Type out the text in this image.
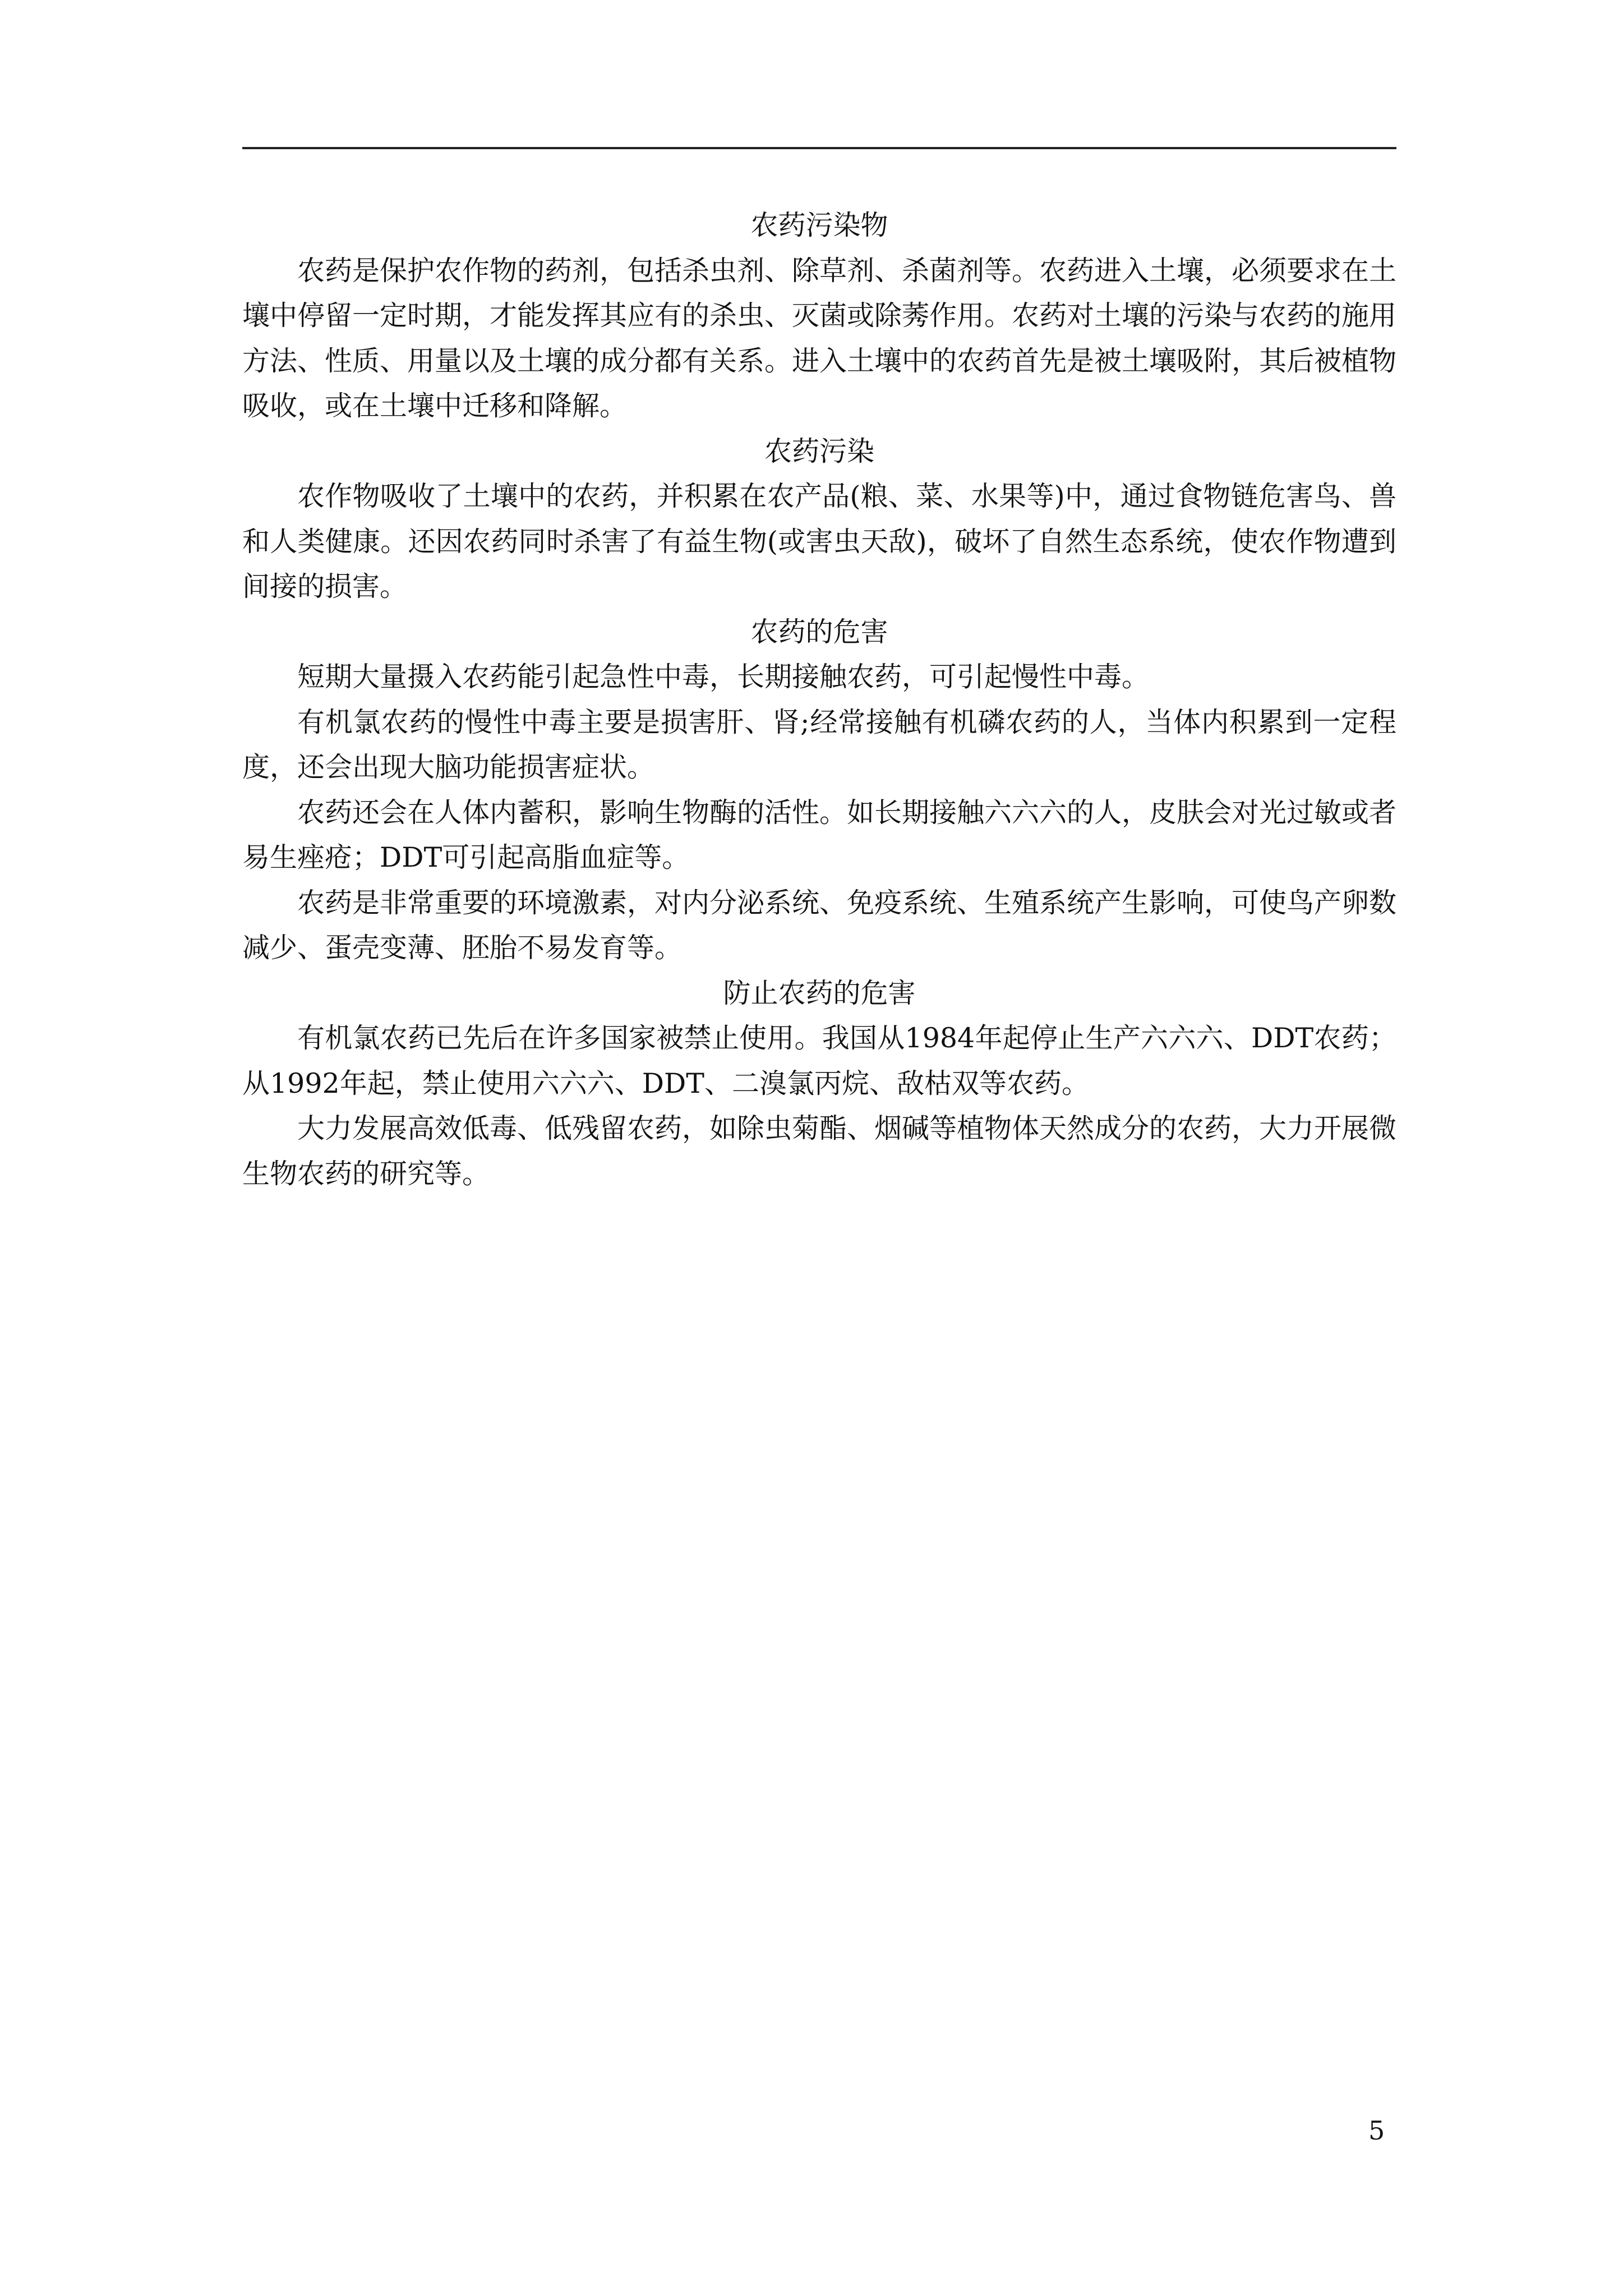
农药污染物

农药是保护农作物的药剂，包括杀虫剂、除草剂、杀菌剂等。农药进入土壤，必须要求在土壤中停留一定时期，才能发挥其应有的杀虫、灭菌或除莠作用。农药对土壤的污染与农药的施用方法、性质、用量以及土壤的成分都有关系。进入土壤中的农药首先是被土壤吸附，其后被植物吸收，或在土壤中迁移和降解。

农药污染

农作物吸收了土壤中的农药，并积累在农产品(粮、菜、水果等)中，通过食物链危害鸟、兽和人类健康。还因农药同时杀害了有益生物(或害虫天敌)，破坏了自然生态系统，使农作物遭到间接的损害。

农药的危害

短期大量摄入农药能引起急性中毒，长期接触农药，可引起慢性中毒。

有机氯农药的慢性中毒主要是损害肝、肾;经常接触有机磷农药的人，当体内积累到一定程度，还会出现大脑功能损害症状。

农药还会在人体内蓄积，影响生物酶的活性。如长期接触六六六的人，皮肤会对光过敏或者易生痤疮；DDT可引起高脂血症等。

农药是非常重要的环境激素，对内分泌系统、免疫系统、生殖系统产生影响，可使鸟产卵数减少、蛋壳变薄、胚胎不易发育等。

防止农药的危害

有机氯农药已先后在许多国家被禁止使用。我国从1984年起停止生产六六六、DDT农药；从1992年起，禁止使用六六六、DDT、二溴氯丙烷、敌枯双等农药。

大力发展高效低毒、低残留农药，如除虫菊酯、烟碱等植物体天然成分的农药，大力开展微生物农药的研究等。

5
